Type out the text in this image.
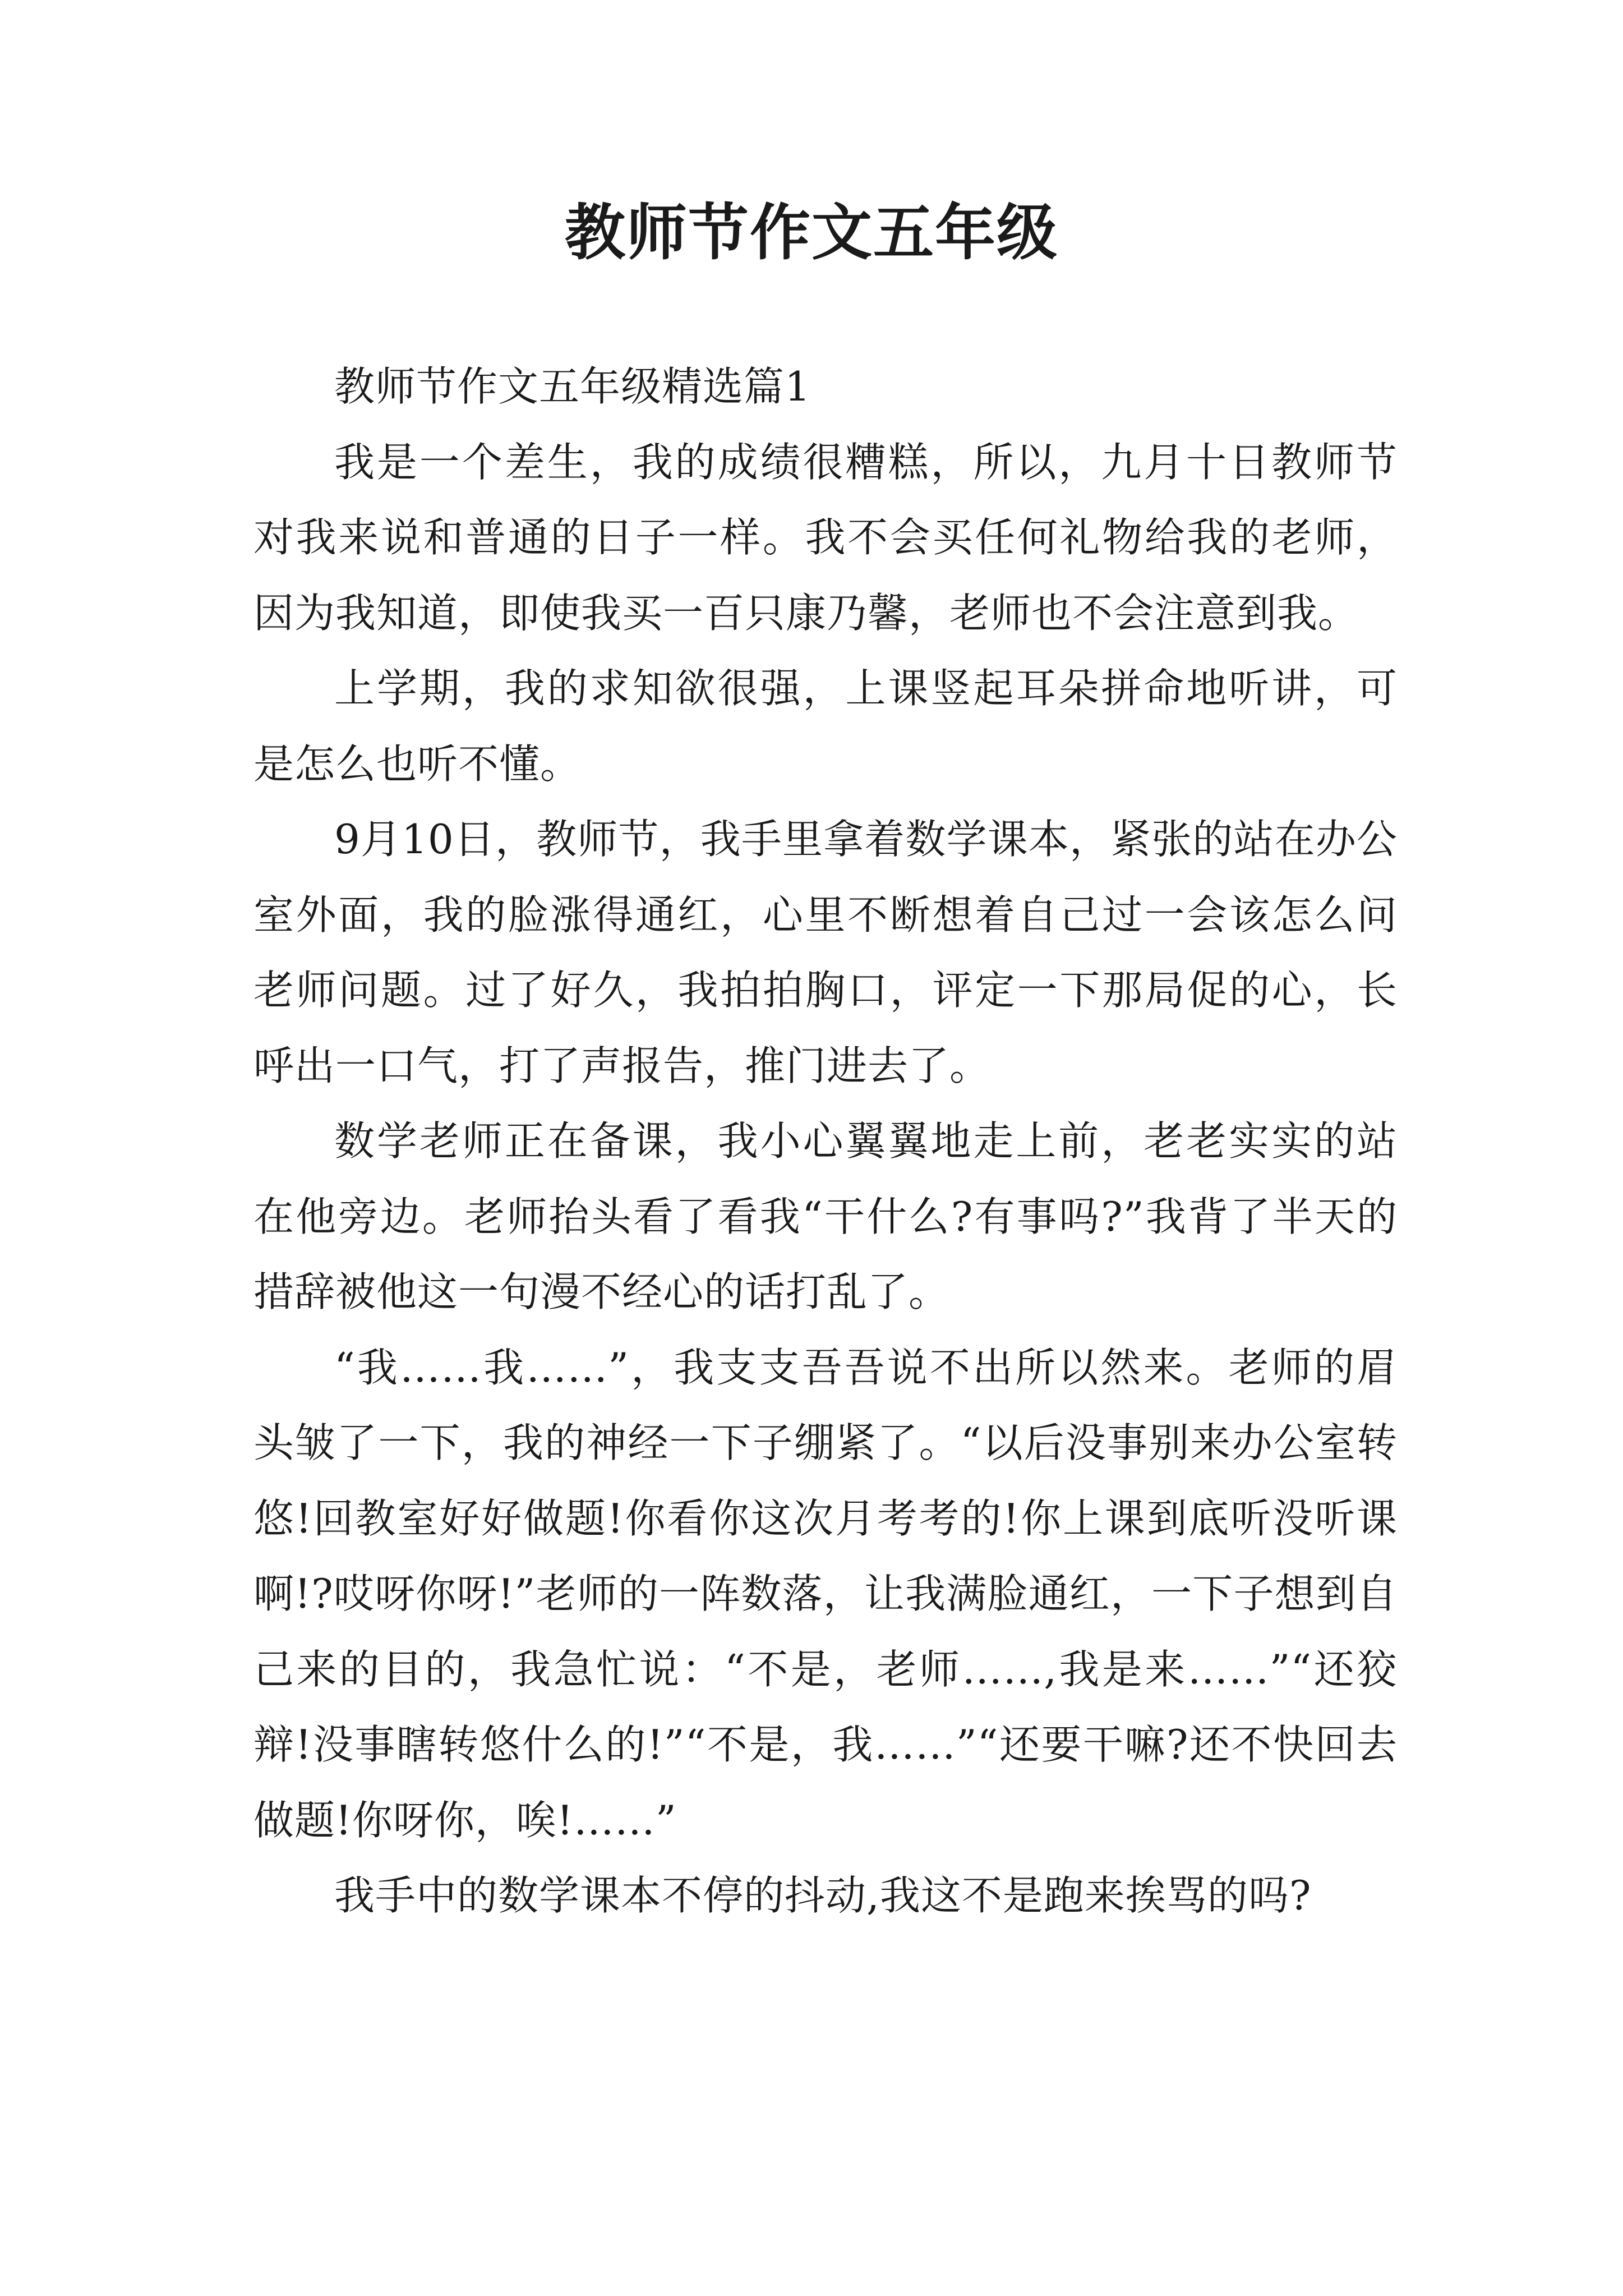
教师节作文五年级

教师节作文五年级精选篇1

我是一个差生，我的成绩很糟糕，所以，九月十日教师节对我来说和普通的日子一样。我不会买任何礼物给我的老师，因为我知道，即使我买一百只康乃馨，老师也不会注意到我。

上学期，我的求知欲很强，上课竖起耳朵拼命地听讲，可是怎么也听不懂。

9月10日，教师节，我手里拿着数学课本，紧张的站在办公室外面，我的脸涨得通红，心里不断想着自己过一会该怎么问老师问题。过了好久，我拍拍胸口，评定一下那局促的心，长呼出一口气，打了声报告，推门进去了。

数学老师正在备课，我小心翼翼地走上前，老老实实的站在他旁边。老师抬头看了看我“干什么?有事吗?”我背了半天的措辞被他这一句漫不经心的话打乱了。

“我……我……”，我支支吾吾说不出所以然来。老师的眉头皱了一下，我的神经一下子绷紧了。“以后没事别来办公室转悠!回教室好好做题!你看你这次月考考的!你上课到底听没听课啊!?哎呀你呀!”老师的一阵数落，让我满脸通红，一下子想到自己来的目的，我急忙说：“不是，老师……,我是来……”“还狡辩!没事瞎转悠什么的!”“不是，我……”“还要干嘛?还不快回去做题!你呀你，唉!……”

我手中的数学课本不停的抖动,我这不是跑来挨骂的吗?
